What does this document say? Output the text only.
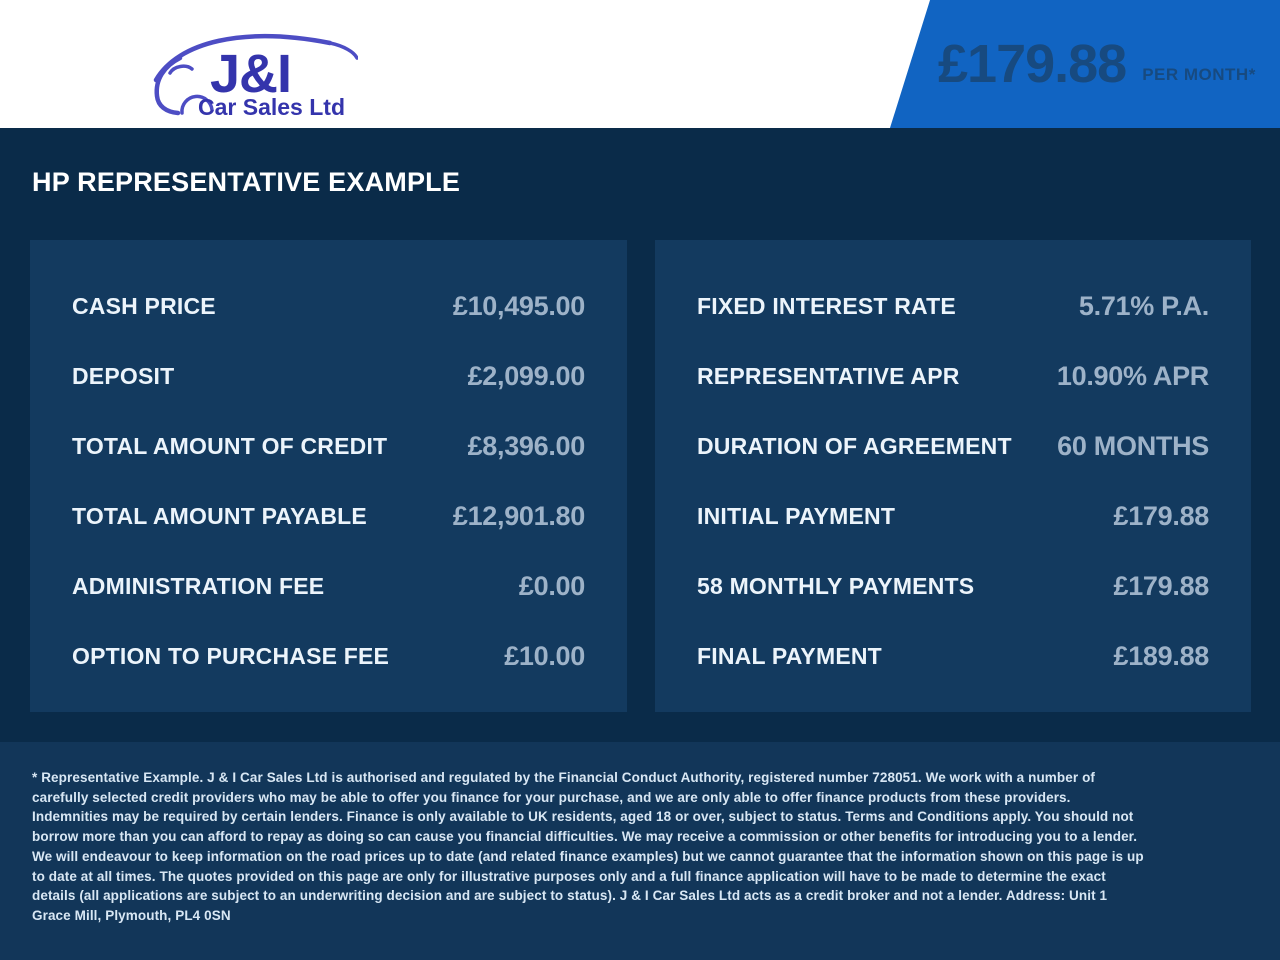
J&I
Car Sales Ltd
£179.88 PER MONTH*
HP REPRESENTATIVE EXAMPLE
CASH PRICE	£10,495.00
DEPOSIT	£2,099.00
TOTAL AMOUNT OF CREDIT	£8,396.00
TOTAL AMOUNT PAYABLE	£12,901.80
ADMINISTRATION FEE	£0.00
OPTION TO PURCHASE FEE	£10.00
FIXED INTEREST RATE	5.71% P.A.
REPRESENTATIVE APR	10.90% APR
DURATION OF AGREEMENT 60 MONTHS
INITIAL PAYMENT	£179.88
58 MONTHLY PAYMENTS	£179.88
FINAL PAYMENT	£189.88

* Representative Example. J & I Car Sales Ltd is authorised and regulated by the Financial Conduct Authority, registered number 728051. We work with a number of carefully selected credit providers who may be able to offer you finance for your purchase, and we are only able to offer finance products from these providers. Indemnities may be required by certain lenders. Finance is only available to UK residents, aged 18 or over, subject to status. Terms and Conditions apply. You should not borrow more than you can afford to repay as doing so can cause you financial difficulties. We may receive a commission or other benefits for introducing you to a lender. We will endeavour to keep information on the road prices up to date (and related finance examples) but we cannot guarantee that the information shown on this page is up to date at all times. The quotes provided on this page are only for illustrative purposes only and a full finance application will have to be made to determine the exact details (all applications are subject to an underwriting decision and are subject to status). J & I Car Sales Ltd acts as a credit broker and not a lender. Address: Unit 1 Grace Mill, Plymouth, PL4 0SN
